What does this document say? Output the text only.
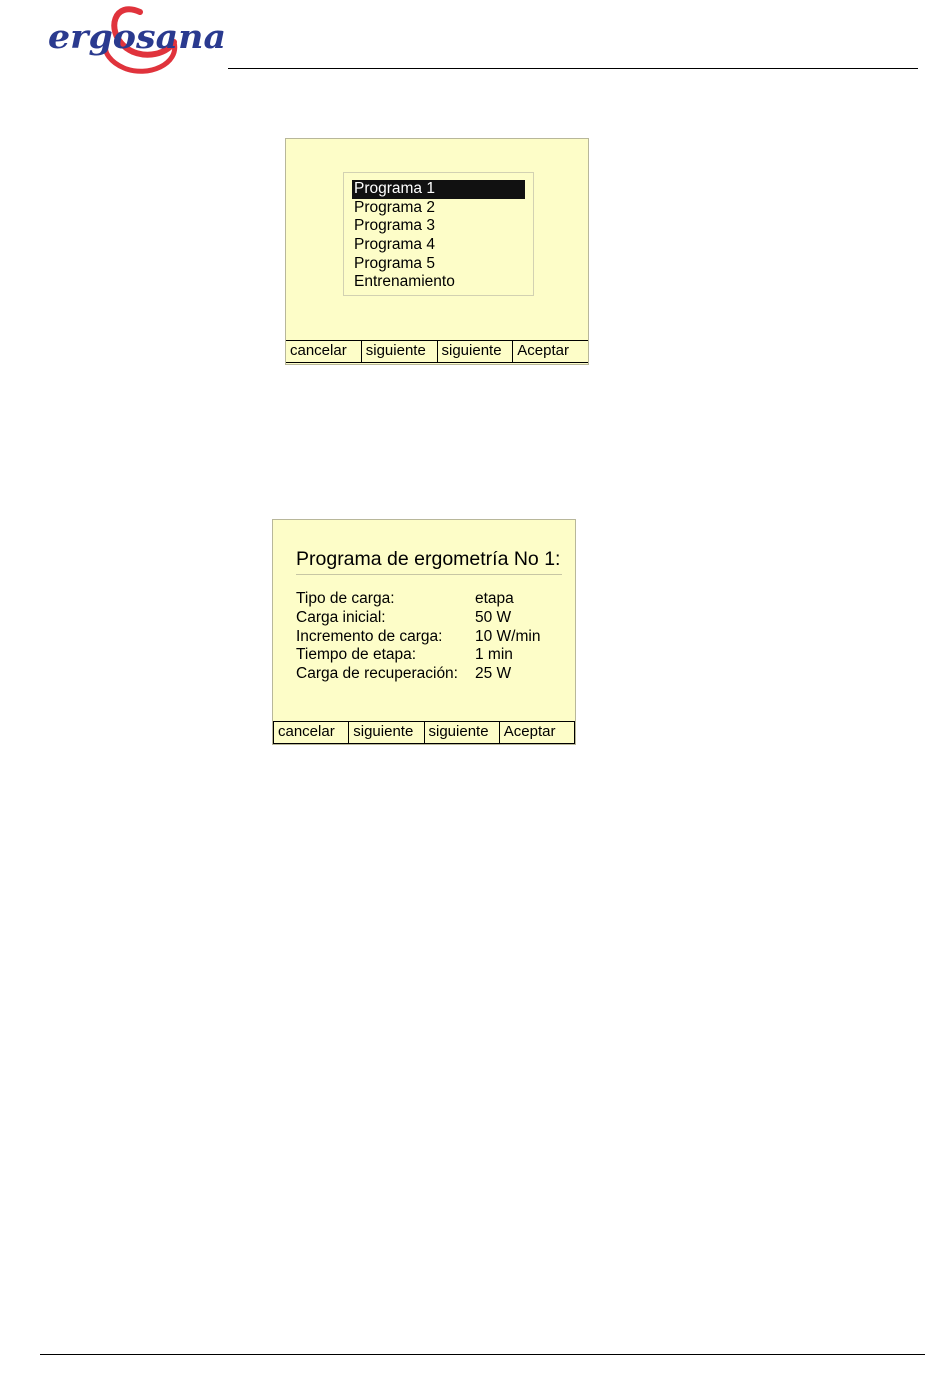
ergosana
Programa 1
Programa 2
Programa 3
Programa 4
Programa 5
Entrenamiento
cancelar	siguiente	siguiente	Aceptar
Programa de ergometría No 1:
Tipo de carga:	etapa
Carga inicial:	50 W
Incremento de carga:	10 W/min
Tiempo de etapa:	1 min
Carga de recuperación:	25 W
cancelar	siguiente	siguiente	Aceptar
